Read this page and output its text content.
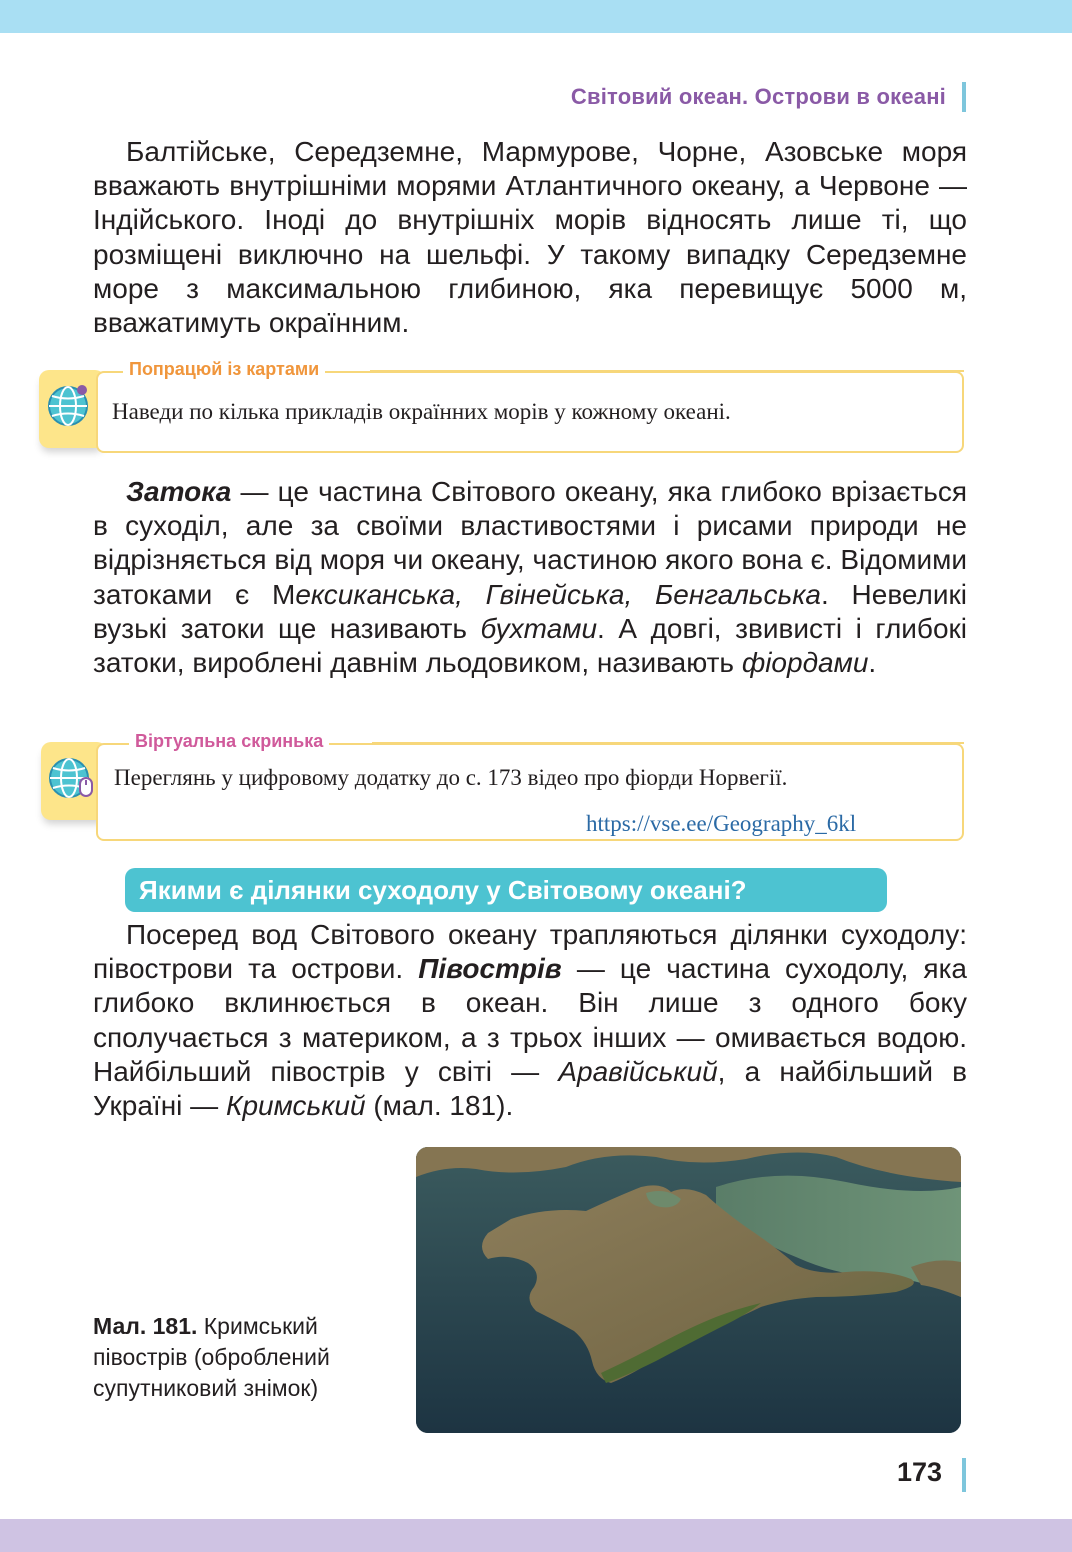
Світовий океан. Острови в океані

Балтійське, Середземне, Мармурове, Чорне, Азовське моря вважають внутрішніми морями Атлантичного океану, а Червоне —Індійського. Іноді до внутрішніх морів відносять лише ті, що розміщені виключно на шельфі. У такому випадку Середземне море з максимальною глибиною, яка перевищує 5000 м, вважатимуть окраїнним.

Наведи по кілька прикладів окраїнних морів у кожному океані.
Попрацюй із картами

Затока — це частина Світового океану, яка глибоко врізається в суходіл, але за своїми властивостями і рисами природи не відрізняється від моря чи океану, частиною якого вона є. Відомими затоками є Мексиканська, Гвінейська, Бенгальська. Невеликі вузькі затоки ще називають бухтами. А довгі, звивисті і глибокі затоки, вироблені давнім льодовиком, називають фіордами.

Переглянь у цифровому додатку до с. 173 відео про фіорди Норвегії.
https://vse.ee/Geography_6kl
Віртуальна скринька
Якими є ділянки суходолу у Світовому океані?

Посеред вод Світового океану трапляються ділянки суходолу: півострови та острови. Півострів — це частина суходолу, яка глибоко вклинюється в океан. Він лише з одного боку сполучається з материком, а з трьох інших — омивається водою. Найбільший півострів у світі — Аравійський, а найбільший в Україні — Кримський (мал. 181).

Мал. 181. Кримський півострів (оброблений супутниковий знімок)

173
